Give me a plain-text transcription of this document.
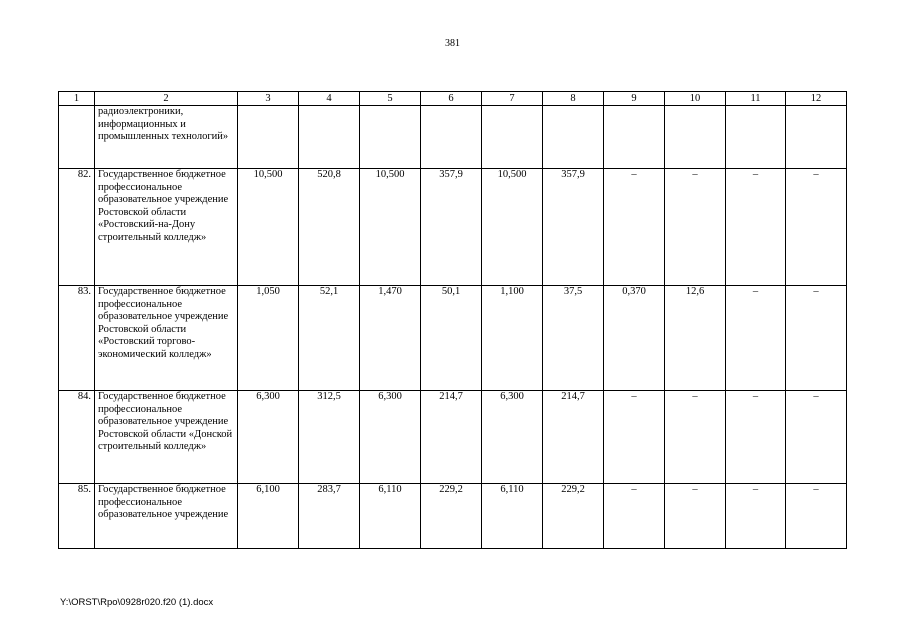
381
1	2	3	4	5	6	7	8	9	10	11	12
	радиоэлектроники, информационных и промышленных технологий»										
82.	Государственное бюджетное профессиональное образовательное учреждение Ростовской области «Ростовский-на-Дону строительный колледж»	10,500	520,8	10,500	357,9	10,500	357,9	–	–	–	–
83.	Государственное бюджетное профессиональное образовательное учреждение Ростовской области «Ростовский торгово-экономический колледж»	1,050	52,1	1,470	50,1	1,100	37,5	0,370	12,6	–	–
84.	Государственное бюджетное профессиональное образовательное учреждение Ростовской области «Донской строительный колледж»	6,300	312,5	6,300	214,7	6,300	214,7	–	–	–	–
85.	Государственное бюджетное профессиональное образовательное учреждение	6,100	283,7	6,110	229,2	6,110	229,2	–	–	–	–
Y:\ORST\Rpo\0928r020.f20 (1).docx
